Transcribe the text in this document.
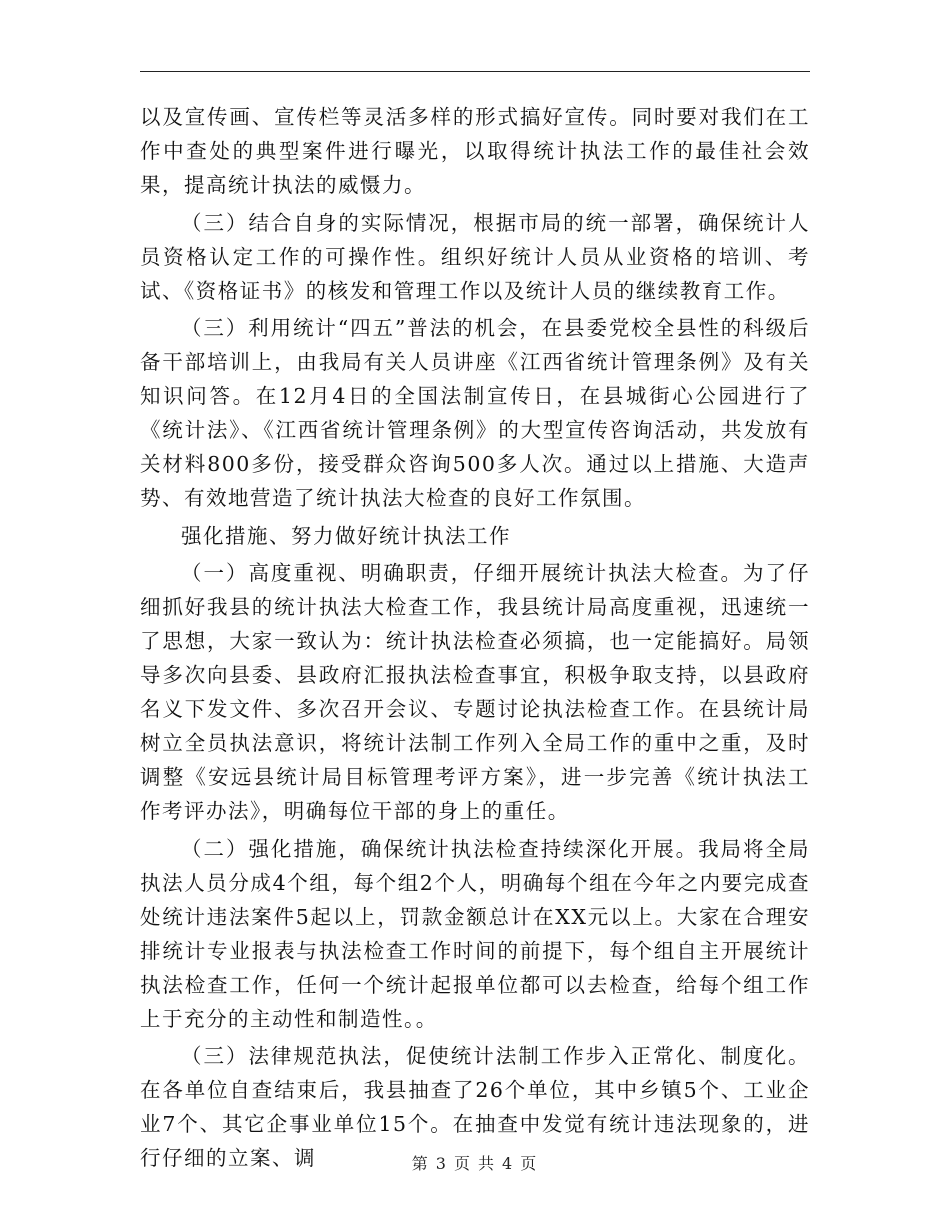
以及宣传画、宣传栏等灵活多样的形式搞好宣传。同时要对我们在工作中查处的典型案件进行曝光，以取得统计执法工作的最佳社会效果，提高统计执法的威慑力。

（三）结合自身的实际情况，根据市局的统一部署，确保统计人员资格认定工作的可操作性。组织好统计人员从业资格的培训、考试、《资格证书》的核发和管理工作以及统计人员的继续教育工作。

（三）利用统计“四五”普法的机会，在县委党校全县性的科级后备干部培训上，由我局有关人员讲座《江西省统计管理条例》及有关知识问答。在12月4日的全国法制宣传日，在县城街心公园进行了《统计法》、《江西省统计管理条例》的大型宣传咨询活动，共发放有关材料800多份，接受群众咨询500多人次。通过以上措施、大造声势、有效地营造了统计执法大检查的良好工作氛围。

强化措施、努力做好统计执法工作

（一）高度重视、明确职责，仔细开展统计执法大检查。为了仔细抓好我县的统计执法大检查工作，我县统计局高度重视，迅速统一了思想，大家一致认为：统计执法检查必须搞，也一定能搞好。局领导多次向县委、县政府汇报执法检查事宜，积极争取支持，以县政府名义下发文件、多次召开会议、专题讨论执法检查工作。在县统计局树立全员执法意识，将统计法制工作列入全局工作的重中之重，及时调整《安远县统计局目标管理考评方案》，进一步完善《统计执法工作考评办法》，明确每位干部的身上的重任。

（二）强化措施，确保统计执法检查持续深化开展。我局将全局执法人员分成4个组，每个组2个人，明确每个组在今年之内要完成查处统计违法案件5起以上，罚款金额总计在XX元以上。大家在合理安排统计专业报表与执法检查工作时间的前提下，每个组自主开展统计执法检查工作，任何一个统计起报单位都可以去检查，给每个组工作上于充分的主动性和制造性。。

（三）法律规范执法，促使统计法制工作步入正常化、制度化。在各单位自查结束后，我县抽查了26个单位，其中乡镇5个、工业企业7个、其它企事业单位15个。在抽查中发觉有统计违法现象的，进行仔细的立案、调	第 3 页 共 4 页
